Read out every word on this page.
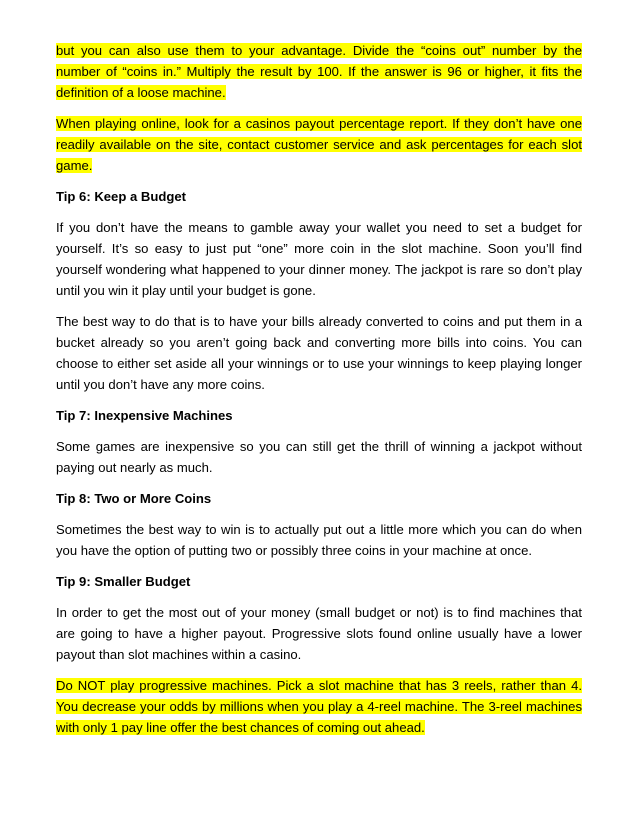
but you can also use them to your advantage. Divide the “coins out” number by the number of “coins in.” Multiply the result by 100. If the answer is 96 or higher, it fits the definition of a loose machine.

When playing online, look for a casinos payout percentage report. If they don’t have one readily available on the site, contact customer service and ask percentages for each slot game.

Tip 6: Keep a Budget

If you don’t have the means to gamble away your wallet you need to set a budget for yourself. It’s so easy to just put “one” more coin in the slot machine. Soon you’ll find yourself wondering what happened to your dinner money. The jackpot is rare so don’t play until you win it play until your budget is gone.

The best way to do that is to have your bills already converted to coins and put them in a bucket already so you aren’t going back and converting more bills into coins. You can choose to either set aside all your winnings or to use your winnings to keep playing longer until you don’t have any more coins.

Tip 7: Inexpensive Machines

Some games are inexpensive so you can still get the thrill of winning a jackpot without paying out nearly as much.

Tip 8: Two or More Coins

Sometimes the best way to win is to actually put out a little more which you can do when you have the option of putting two or possibly three coins in your machine at once.

Tip 9: Smaller Budget

In order to get the most out of your money (small budget or not) is to find machines that are going to have a higher payout. Progressive slots found online usually have a lower payout than slot machines within a casino.

Do NOT play progressive machines. Pick a slot machine that has 3 reels, rather than 4. You decrease your odds by millions when you play a 4-reel machine. The 3-reel machines with only 1 pay line offer the best chances of coming out ahead.
